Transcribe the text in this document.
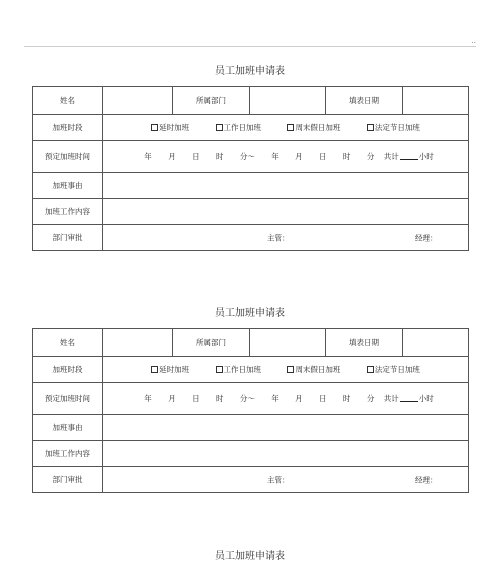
..
员工加班申请表
姓名		所属部门		填表日期	
加班时段	延时加班 工作日加班 周末假日加班 法定节日加班				
预定加班时间	年 月 日 时 分～ 年 月 日 时 分 共计 小时				
加班事由					
加班工作内容					
部门审批	主管： 经理：				
员工加班申请表
姓名		所属部门		填表日期	
加班时段	延时加班 工作日加班 周末假日加班 法定节日加班				
预定加班时间	年 月 日 时 分～ 年 月 日 时 分 共计 小时				
加班事由					
加班工作内容					
部门审批	主管： 经理：				
员工加班申请表
